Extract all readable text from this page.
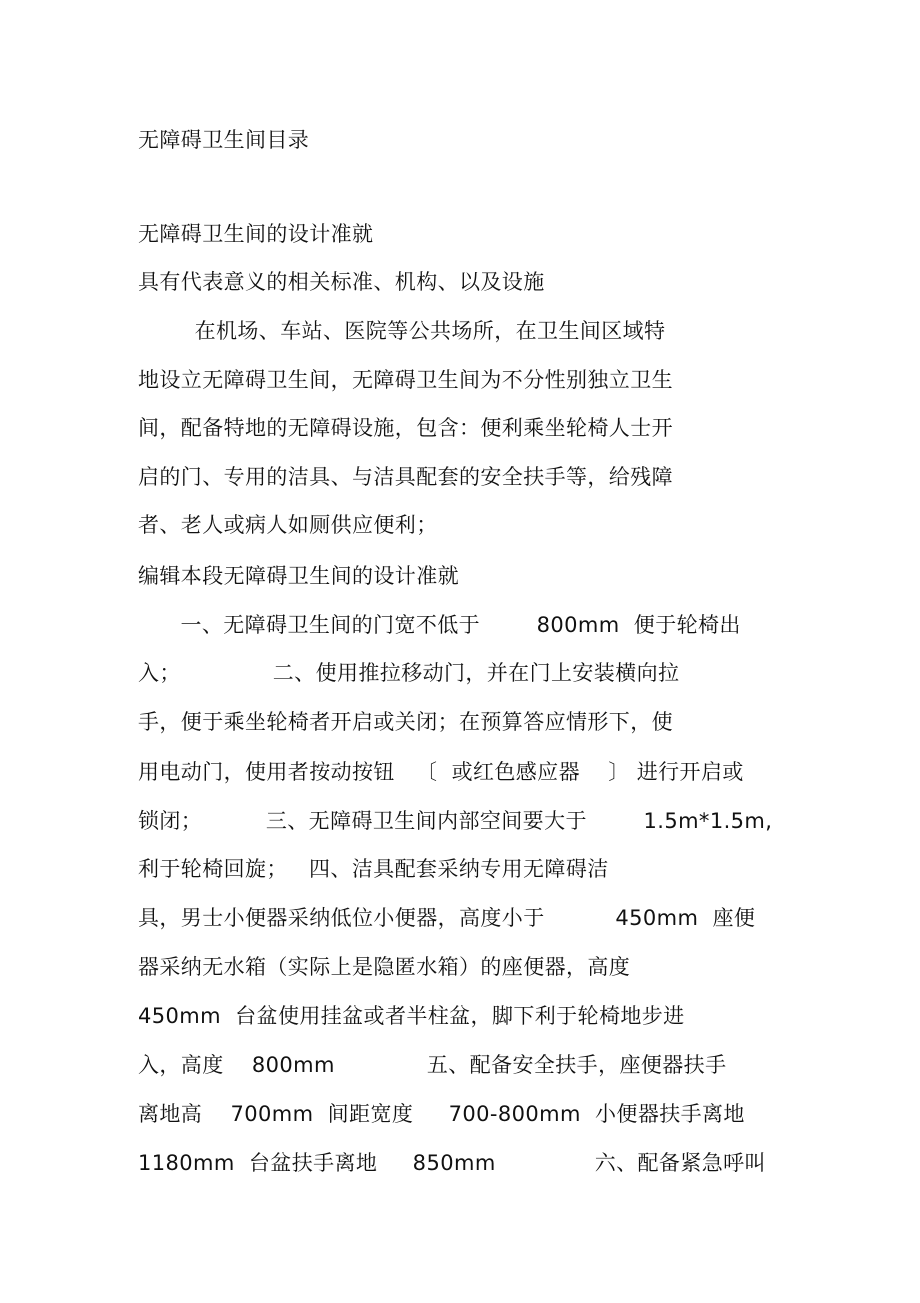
无障碍卫生间目录
无障碍卫生间的设计准就
具有代表意义的相关标准、机构、以及设施
在机场、车站、医院等公共场所，在卫生间区域特
地设立无障碍卫生间，无障碍卫生间为不分性别独立卫生
间，配备特地的无障碍设施，包含：便利乘坐轮椅人士开
启的门、专用的洁具、与洁具配套的安全扶手等，给残障
者、老人或病人如厕供应便利；
编辑本段无障碍卫生间的设计准就
一、无障碍卫生间的门宽不低于        800mm  便于轮椅出
入；             二、使用推拉移动门，并在门上安装横向拉
手，便于乘坐轮椅者开启或关闭；在预算答应情形下，使
用电动门，使用者按动按钮   〔  或红色感应器    〕 进行开启或
锁闭；         三、无障碍卫生间内部空间要大于        1.5m*1.5m,
利于轮椅回旋；   四、洁具配套采纳专用无障碍洁
具，男士小便器采纳低位小便器，高度小于          450mm  座便
器采纳无水箱（实际上是隐匿水箱）的座便器，高度
450mm  台盆使用挂盆或者半柱盆，脚下利于轮椅地步进
入，高度    800mm             五、配备安全扶手，座便器扶手
离地高    700mm  间距宽度     700-800mm  小便器扶手离地
1180mm  台盆扶手离地     850mm              六、配备紧急呼叫
